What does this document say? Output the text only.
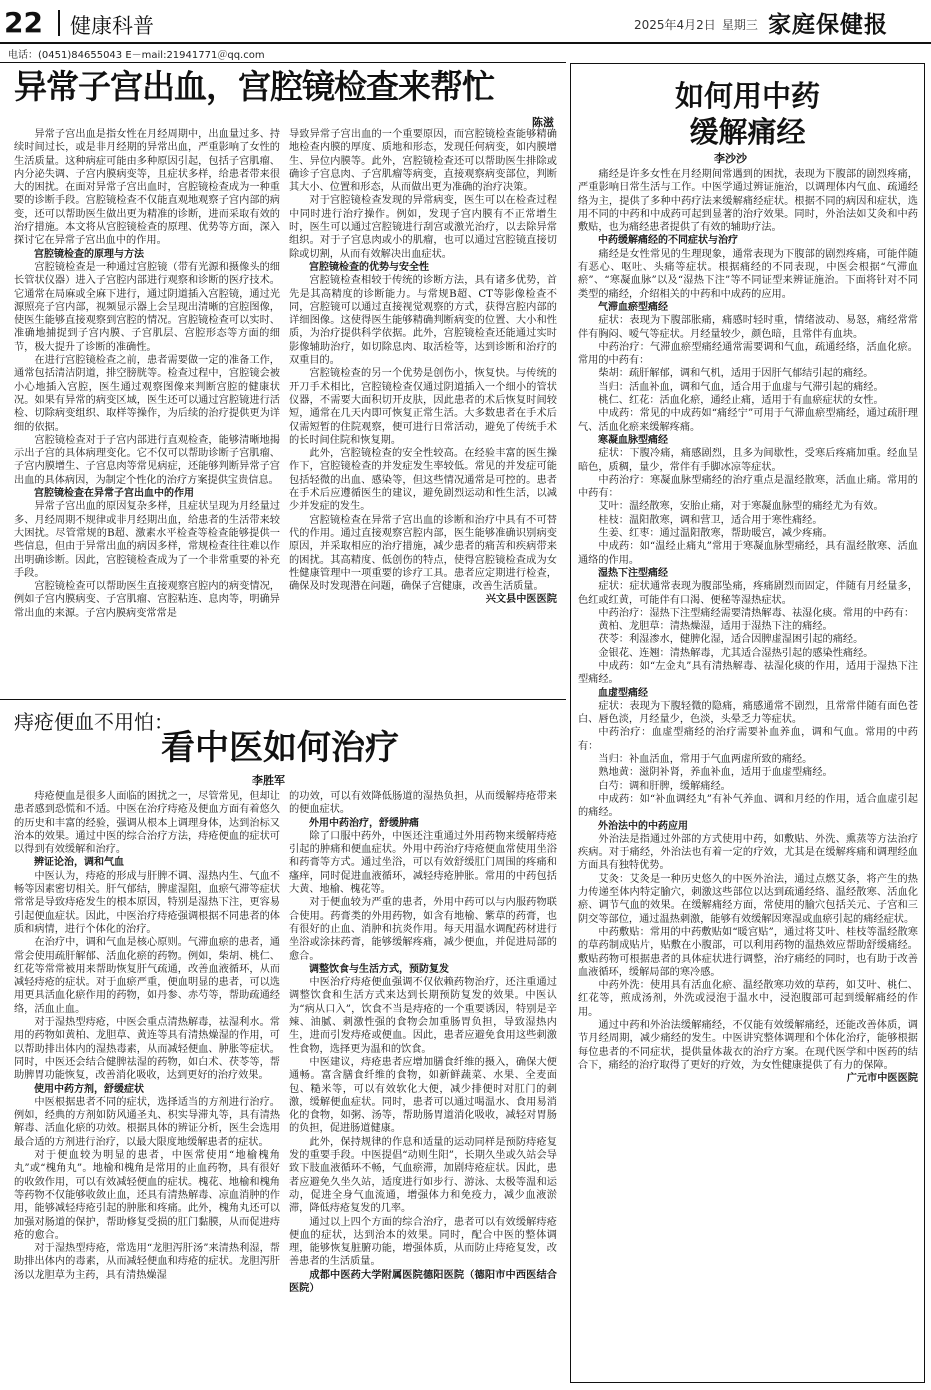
22 健康科普	2025年4月2日 星期三 家庭保健报
电话：(0451)84655043 E－mail:21941771＠qq.com
异常子宫出血，宫腔镜检查来帮忙
陈滋

异常子宫出血是指女性在月经周期中，出血量过多、持续时间过长，或是非月经期的异常出血，严重影响了女性的生活质量。这种病症可能由多种原因引起，包括子宫肌瘤、内分泌失调、子宫内膜病变等，且症状多样，给患者带来很大的困扰。在面对异常子宫出血时，宫腔镜检查成为一种重要的诊断手段。宫腔镜检查不仅能直观地观察子宫内部的病变，还可以帮助医生做出更为精准的诊断，进而采取有效的治疗措施。本文将从宫腔镜检查的原理、优势等方面，深入探讨它在异常子宫出血中的作用。

宫腔镜检查的原理与方法

宫腔镜检查是一种通过宫腔镜（带有光源和摄像头的细长管状仪器）进入子宫腔内部进行观察和诊断的医疗技术。它通常在局麻或全麻下进行，通过阴道插入宫腔镜，通过光源照亮子宫内部，视频显示器上会呈现出清晰的宫腔图像，使医生能够直接观察到宫腔的情况。宫腔镜检查可以实时、准确地捕捉到子宫内膜、子宫肌层、宫腔形态等方面的细节，极大提升了诊断的准确性。

在进行宫腔镜检查之前，患者需要做一定的准备工作，通常包括清洁阴道，排空膀胱等。检查过程中，宫腔镜会被小心地插入宫腔，医生通过观察图像来判断宫腔的健康状况。如果有异常的病变区域，医生还可以通过宫腔镜进行活检、切除病变组织、取样等操作，为后续的治疗提供更为详细的依据。

宫腔镜检查对于子宫内部进行直观检查，能够清晰地揭示出子宫的具体病理变化。它不仅可以帮助诊断子宫肌瘤、子宫内膜增生、子宫息肉等常见病症，还能够判断异常子宫出血的具体病因，为制定个性化的治疗方案提供宝贵信息。

宫腔镜检查在异常子宫出血中的作用

异常子宫出血的原因复杂多样，且症状呈现为月经量过多、月经周期不规律或非月经期出血，给患者的生活带来较大困扰。尽管常规的B超、激素水平检查等检查能够提供一些信息，但由于异常出血的病因多样，常规检查往往难以作出明确诊断。因此，宫腔镜检查成为了一个非常重要的补充手段。

宫腔镜检查可以帮助医生直接观察宫腔内的病变情况，例如子宫内膜病变、子宫肌瘤、宫腔粘连、息肉等，明确异常出血的来源。子宫内膜病变常常是

导致异常子宫出血的一个重要原因，而宫腔镜检查能够精确地检查内膜的厚度、质地和形态，发现任何病变，如内膜增生、异位内膜等。此外，宫腔镜检查还可以帮助医生排除或确诊子宫息肉、子宫肌瘤等病变，直接观察病变部位，判断其大小、位置和形态，从而做出更为准确的治疗决策。

对于宫腔镜检查发现的异常病变，医生可以在检查过程中同时进行治疗操作。例如，发现子宫内膜有不正常增生时，医生可以通过宫腔镜进行刮宫或激光治疗，以去除异常组织。对于子宫息肉或小的肌瘤，也可以通过宫腔镜直接切除或切割，从而有效解决出血症状。

宫腔镜检查的优势与安全性

宫腔镜检查相较于传统的诊断方法，具有诸多优势，首先是其高精度的诊断能力。与常规B超、CT等影像检查不同，宫腔镜可以通过直接视觉观察的方式，获得宫腔内部的详细图像。这使得医生能够精确判断病变的位置、大小和性质，为治疗提供科学依据。此外，宫腔镜检查还能通过实时影像辅助治疗，如切除息肉、取活检等，达到诊断和治疗的双重目的。

宫腔镜检查的另一个优势是创伤小，恢复快。与传统的开刀手术相比，宫腔镜检查仅通过阴道插入一个细小的管状仪器，不需要大面积切开皮肤，因此患者的术后恢复时间较短，通常在几天内即可恢复正常生活。大多数患者在手术后仅需短暂的住院观察，便可进行日常活动，避免了传统手术的长时间住院和恢复期。

此外，宫腔镜检查的安全性较高。在经验丰富的医生操作下，宫腔镜检查的并发症发生率较低。常见的并发症可能包括轻微的出血、感染等，但这些情况通常是可控的。患者在手术后应遵循医生的建议，避免剧烈运动和性生活，以减少并发症的发生。

宫腔镜检查在异常子宫出血的诊断和治疗中具有不可替代的作用。通过直接观察宫腔内部，医生能够准确识别病变原因，并采取相应的治疗措施，减少患者的痛苦和疾病带来的困扰。其高精度、低创伤的特点，使得宫腔镜检查成为女性健康管理中一项重要的诊疗工具。患者应定期进行检查，确保及时发现潜在问题，确保子宫健康，改善生活质量。

兴文县中医医院

痔疮便血不用怕：
看中医如何治疗
李胜军

痔疮便血是很多人面临的困扰之一，尽管常见，但却让患者感到恐慌和不适。中医在治疗痔疮及便血方面有着悠久的历史和丰富的经验，强调从根本上调理身体，达到治标又治本的效果。通过中医的综合治疗方法，痔疮便血的症状可以得到有效缓解和治疗。

辨证论治，调和气血

中医认为，痔疮的形成与肝脾不调、湿热内生、气血不畅等因素密切相关。肝气郁结，脾虚湿阻，血瘀气滞等症状常常是导致痔疮发生的根本原因，特别是湿热下注，更容易引起便血症状。因此，中医治疗痔疮强调根据不同患者的体质和病情，进行个体化的治疗。

在治疗中，调和气血是核心原则。气滞血瘀的患者，通常会使用疏肝解郁、活血化瘀的药物。例如，柴胡、桃仁、红花等常常被用来帮助恢复肝气疏通，改善血液循环，从而减轻痔疮的症状。对于血瘀严重，便血明显的患者，可以选用更具活血化瘀作用的药物，如丹参、赤芍等，帮助疏通经络，活血止血。

对于湿热型痔疮，中医会重点清热解毒，祛湿利水。常用的药物如黄柏、龙胆草、黄连等具有清热燥湿的作用，可以帮助排出体内的湿热毒素，从而减轻便血、肿胀等症状。同时，中医还会结合健脾祛湿的药物，如白术、茯苓等，帮助脾胃功能恢复，改善消化吸收，达到更好的治疗效果。

使用中药方剂，舒缓症状

中医根据患者不同的症状，选择适当的方剂进行治疗。例如，经典的方剂如防风通圣丸、枳实导滞丸等，具有清热解毒、活血化瘀的功效。根据具体的辨证分析，医生会选用最合适的方剂进行治疗，以最大限度地缓解患者的症状。

对于便血较为明显的患者，中医常使用“地榆槐角丸”或“槐角丸”。地榆和槐角是常用的止血药物，具有很好的收敛作用，可以有效减轻便血的症状。槐花、地榆和槐角等药物不仅能够收敛止血，还具有清热解毒、凉血消肿的作用，能够减轻痔疮引起的肿胀和疼痛。此外，槐角丸还可以加强对肠道的保护，帮助修复受损的肛门黏膜，从而促进痔疮的愈合。

对于湿热型痔疮，常选用“龙胆泻肝汤”来清热利湿，帮助排出体内的毒素，从而减轻便血和痔疮的症状。龙胆泻肝汤以龙胆草为主药，具有清热燥湿

的功效，可以有效降低肠道的湿热负担，从而缓解痔疮带来的便血症状。

外用中药治疗，舒缓肿痛

除了口服中药外，中医还注重通过外用药物来缓解痔疮引起的肿痛和便血症状。外用中药治疗痔疮便血常使用坐浴和药膏等方式。通过坐浴，可以有效舒缓肛门周围的疼痛和瘙痒，同时促进血液循环，减轻痔疮肿胀。常用的中药包括大黄、地榆、槐花等。

对于便血较为严重的患者，外用中药可以与内服药物联合使用。药膏类的外用药物，如含有地榆、紫草的药膏，也有很好的止血、消肿和抗炎作用。每天用温水调配药材进行坐浴或涂抹药膏，能够缓解疼痛，减少便血，并促进局部的愈合。

调整饮食与生活方式，预防复发

中医治疗痔疮便血强调不仅依赖药物治疗，还注重通过调整饮食和生活方式来达到长期预防复发的效果。中医认为“病从口入”，饮食不当是痔疮的一个重要诱因，特别是辛辣、油腻、刺激性强的食物会加重肠胃负担，导致湿热内生，进而引发痔疮或便血。因此，患者应避免食用这些刺激性食物，选择更为温和的饮食。

中医建议，痔疮患者应增加膳食纤维的摄入，确保大便通畅。富含膳食纤维的食物，如新鲜蔬菜、水果、全麦面包、糙米等，可以有效软化大便，减少排便时对肛门的刺激，缓解便血症状。同时，患者可以通过喝温水、食用易消化的食物，如粥、汤等，帮助肠胃道消化吸收，减轻对胃肠的负担，促进肠道健康。

此外，保持规律的作息和适量的运动同样是预防痔疮复发的重要手段。中医提倡“动则生阳”，长期久坐或久站会导致下肢血液循环不畅，气血瘀滞，加剧痔疮症状。因此，患者应避免久坐久站，适度进行如步行、游泳、太极等温和运动，促进全身气血流通，增强体力和免疫力，减少血液淤滞，降低痔疮复发的几率。

通过以上四个方面的综合治疗，患者可以有效缓解痔疮便血的症状，达到治本的效果。同时，配合中医的整体调理，能够恢复脏腑功能，增强体质，从而防止痔疮复发，改善患者的生活质量。

成都中医药大学附属医院德阳医院（德阳市中西医结合医院）

如何用中药
缓解痛经
李沙沙

痛经是许多女性在月经期间常遇到的困扰，表现为下腹部的剧烈疼痛，严重影响日常生活与工作。中医学通过辨证施治，以调理体内气血、疏通经络为主，提供了多种中药疗法来缓解痛经症状。根据不同的病因和症状，选用不同的中药和中成药可起到显著的治疗效果。同时，外治法如艾灸和中药敷贴，也为痛经患者提供了有效的辅助疗法。

中药缓解痛经的不同症状与治疗

痛经是女性常见的生理现象，通常表现为下腹部的剧烈疼痛，可能伴随有恶心、呕吐、头痛等症状。根据痛经的不同表现，中医会根据“气滞血瘀”、“寒凝血脉”以及“湿热下注”等不同证型来辨证施治。下面将针对不同类型的痛经，介绍相关的中药和中成药的应用。

气滞血瘀型痛经

症状：表现为下腹部胀痛，痛感时轻时重，情绪波动、易怒，痛经常常伴有胸闷、嗳气等症状。月经量较少，颜色暗，且常伴有血块。

中药治疗：气滞血瘀型痛经通常需要调和气血，疏通经络，活血化瘀。常用的中药有：

柴胡：疏肝解郁，调和气机，适用于因肝气郁结引起的痛经。

当归：活血补血，调和气血，适合用于血虚与气滞引起的痛经。

桃仁、红花：活血化瘀，通经止痛，适用于有血瘀症状的女性。

中成药：常见的中成药如“痛经宁”可用于气滞血瘀型痛经，通过疏肝理气、活血化瘀来缓解疼痛。

寒凝血脉型痛经

症状：下腹冷痛，痛感剧烈，且多为间歇性，受寒后疼痛加重。经血呈暗色，质稠，量少，常伴有手脚冰凉等症状。

中药治疗：寒凝血脉型痛经的治疗重点是温经散寒，活血止痛。常用的中药有：

艾叶：温经散寒，安胎止痛，对于寒凝血脉型的痛经尤为有效。

桂枝：温阳散寒，调和营卫，适合用于寒性痛经。

生姜、红枣：通过温阳散寒，帮助暖宫，减少疼痛。

中成药：如“温经止痛丸”常用于寒凝血脉型痛经，具有温经散寒、活血通络的作用。

湿热下注型痛经

症状：症状通常表现为腹部坠痛，疼痛剧烈而固定，伴随有月经量多，色红或红黄，可能伴有口渴、便秘等湿热症状。

中药治疗：湿热下注型痛经需要清热解毒、祛湿化痰。常用的中药有：

黄柏、龙胆草：清热燥湿，适用于湿热下注的痛经。

茯苓：利湿渗水，健脾化湿，适合因脾虚湿困引起的痛经。

金银花、连翘：清热解毒，尤其适合湿热引起的感染性痛经。

中成药：如“左金丸”具有清热解毒、祛湿化痰的作用，适用于湿热下注型痛经。

血虚型痛经

症状：表现为下腹轻微的隐痛，痛感通常不剧烈，且常常伴随有面色苍白、唇色淡，月经量少，色淡，头晕乏力等症状。

中药治疗：血虚型痛经的治疗需要补血养血，调和气血。常用的中药有：

当归：补血活血，常用于气血两虚所致的痛经。

熟地黄：滋阴补肾，养血补血，适用于血虚型痛经。

白芍：调和肝脾，缓解痛经。

中成药：如“补血调经丸”有补气养血、调和月经的作用，适合血虚引起的痛经。

外治法中的中药应用

外治法是指通过外部的方式使用中药，如敷贴、外洗、熏蒸等方法治疗疾病。对于痛经，外治法也有着一定的疗效，尤其是在缓解疼痛和调理经血方面具有独特优势。

艾灸：艾灸是一种历史悠久的中医外治法，通过点燃艾条，将产生的热力传递至体内特定腧穴，刺激这些部位以达到疏通经络、温经散寒、活血化瘀、调节气血的效果。在缓解痛经方面，常使用的腧穴包括关元、子宫和三阴交等部位，通过温热刺激，能够有效缓解因寒湿或血瘀引起的痛经症状。

中药敷贴：常用的中药敷贴如“暖宫贴”，通过将艾叶、桂枝等温经散寒的草药制成贴片，贴敷在小腹部，可以利用药物的温热效应帮助舒缓痛经。敷贴药物可根据患者的具体症状进行调整，治疗痛经的同时，也有助于改善血液循环，缓解局部的寒冷感。

中药外洗：使用具有活血化瘀、温经散寒功效的草药，如艾叶、桃仁、红花等，煎成汤剂，外洗或浸泡于温水中，浸泡腹部可起到缓解痛经的作用。

通过中药和外治法缓解痛经，不仅能有效缓解痛经，还能改善体质，调节月经周期，减少痛经的发生。中医讲究整体调理和个体化治疗，能够根据每位患者的不同症状，提供量体裁衣的治疗方案。在现代医学和中医药的结合下，痛经的治疗取得了更好的疗效，为女性健康提供了有力的保障。

广元市中医医院
